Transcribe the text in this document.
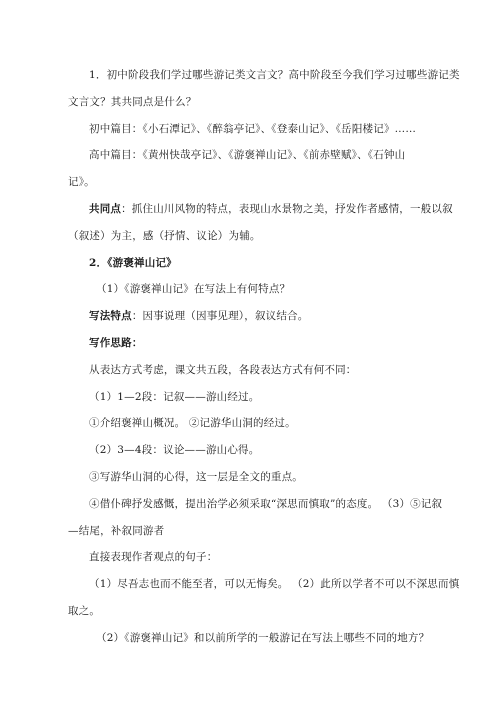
1．初中阶段我们学过哪些游记类文言文？高中阶段至今我们学习过哪些游记类
文言文？其共同点是什么？
初中篇目：《小石潭记》、《醉翁亭记》、《登泰山记》、《岳阳楼记》……
高中篇目：《黄州快哉亭记》、《游褒禅山记》、《前赤壁赋》、《石钟山
记》。
共同点：抓住山川风物的特点，表现山水景物之美，抒发作者感情，一般以叙
（叙述）为主，感（抒情、议论）为辅。
2．《游褒禅山记》
（1）《游褒禅山记》在写法上有何特点？
写法特点：因事说理（因事见理），叙议结合。
写作思路：
从表达方式考虑，课文共五段，各段表达方式有何不同：
（1）1—2段：记叙——游山经过。
①介绍褒禅山概况。 ②记游华山洞的经过。
（2）3—4段：议论——游山心得。
③写游华山洞的心得，这一层是全文的重点。
④借仆碑抒发感慨，提出治学必须采取“深思而慎取”的态度。 （3）⑤记叙
—结尾，补叙同游者
直接表现作者观点的句子：
（1）尽吾志也而不能至者，可以无悔矣。 （2）此所以学者不可以不深思而慎
取之。
（2）《游褒禅山记》和以前所学的一般游记在写法上哪些不同的地方？
